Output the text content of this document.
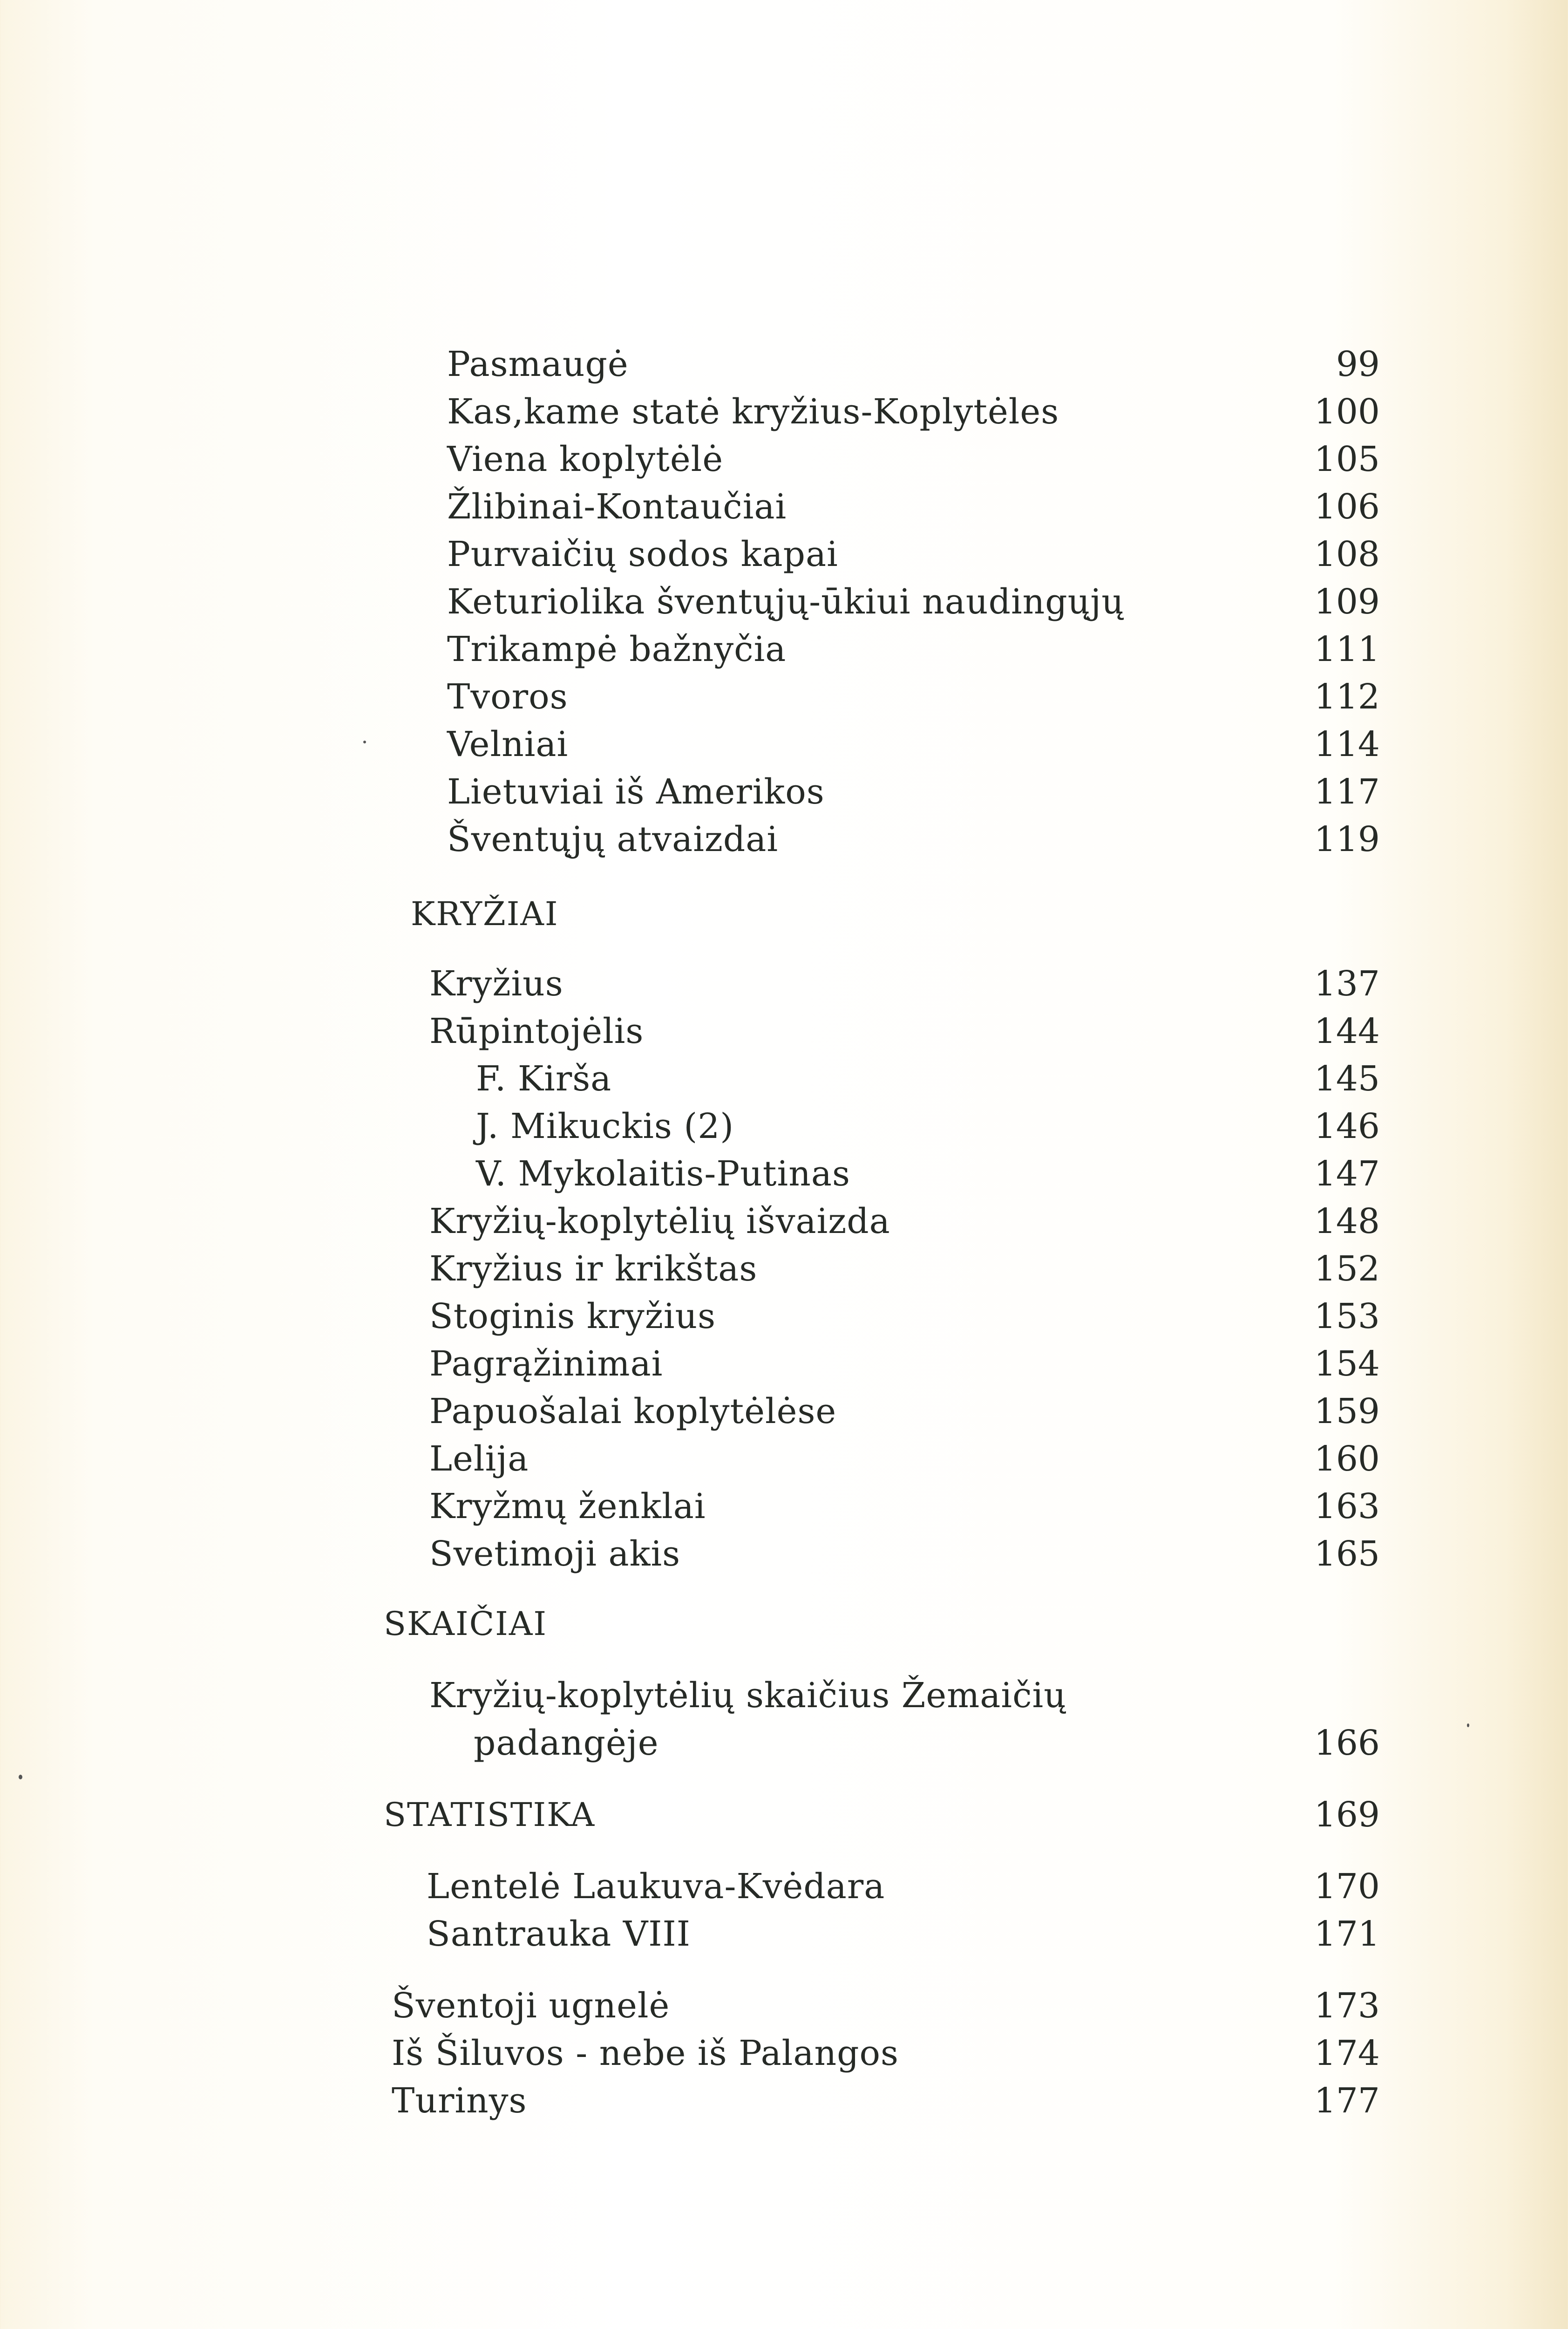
Pasmaugė	99
Kas,kame statė kryžius-Koplytėles	100
Viena koplytėlė	105
Žlibinai-Kontaučiai	106
Purvaičių sodos kapai	108
Keturiolika šventųjų-ūkiui naudingųjų	109
Trikampė bažnyčia	111
Tvoros	112
Velniai	114
Lietuviai iš Amerikos	117
Šventųjų atvaizdai	119
KRYŽIAI
Kryžius	137
Rūpintojėlis	144
F. Kirša	145
J. Mikuckis (2)	146
V. Mykolaitis-Putinas	147
Kryžių-koplytėlių išvaizda	148
Kryžius ir krikštas	152
Stoginis kryžius	153
Pagrąžinimai	154
Papuošalai koplytėlėse	159
Lelija	160
Kryžmų ženklai	163
Svetimoji akis	165
SKAIČIAI
Kryžių-koplytėlių skaičius Žemaičių
padangėje	166
STATISTIKA	169
Lentelė Laukuva-Kvėdara	170
Santrauka VIII	171
Šventoji ugnelė	173
Iš Šiluvos - nebe iš Palangos	174
Turinys	177
